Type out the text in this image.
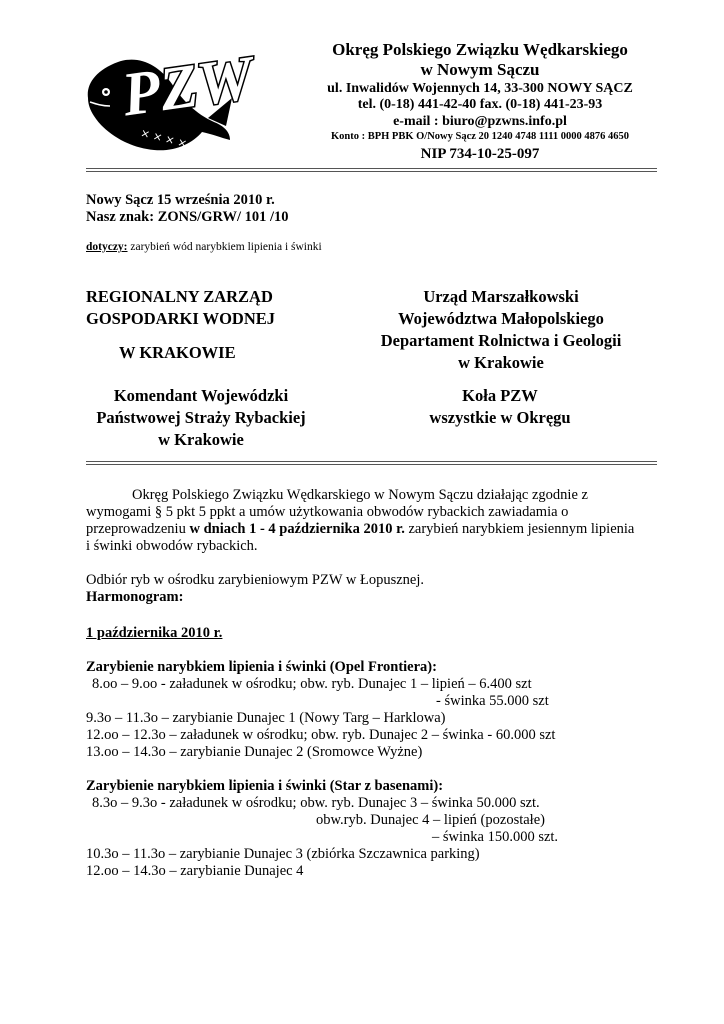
× × × × × ×
PZW	Okręg Polskiego Związku Wędkarskiego
w Nowym Sączu
ul. Inwalidów Wojennych 14, 33-300 NOWY SĄCZ
tel. (0-18) 441-42-40 fax. (0-18) 441-23-93
e-mail : biuro@pzwns.info.pl
Konto : BPH PBK O/Nowy Sącz 20 1240 4748 1111 0000 4876 4650
NIP 734-10-25-097
Nowy Sącz 15 września 2010 r.
Nasz znak: ZONS/GRW/ 101 /10
dotyczy: zarybień wód narybkiem lipienia i świnki
REGIONALNY ZARZĄD
GOSPODARKI WODNEJ
W KRAKOWIE
Urząd Marszałkowski
Województwa Małopolskiego
Departament Rolnictwa i Geologii
w Krakowie
Komendant Wojewódzki
Państwowej Straży Rybackiej
w Krakowie
Koła PZW
wszystkie w Okręgu
Okręg Polskiego Związku Wędkarskiego w Nowym Sączu działając zgodnie z
wymogami § 5 pkt 5 ppkt a umów użytkowania obwodów rybackich zawiadamia o
przeprowadzeniu w dniach 1 - 4 października 2010 r. zarybień narybkiem jesiennym lipienia
i świnki obwodów rybackich.
Odbiór ryb w ośrodku zarybieniowym PZW w Łopusznej.
Harmonogram:
1 października 2010 r.
Zarybienie narybkiem lipienia i świnki (Opel Frontiera):
8.oo – 9.oo - załadunek w ośrodku; obw. ryb. Dunajec 1 – lipień – 6.400 szt
- świnka 55.000 szt
9.3o – 11.3o – zarybianie Dunajec 1 (Nowy Targ – Harklowa)
12.oo – 12.3o – załadunek w ośrodku; obw. ryb. Dunajec 2 – świnka - 60.000 szt
13.oo – 14.3o – zarybianie Dunajec 2 (Sromowce Wyżne)
Zarybienie narybkiem lipienia i świnki (Star z basenami):
8.3o – 9.3o - załadunek w ośrodku; obw. ryb. Dunajec 3 – świnka 50.000 szt.
obw.ryb. Dunajec 4 – lipień (pozostałe)
– świnka 150.000 szt.
10.3o – 11.3o – zarybianie Dunajec 3 (zbiórka Szczawnica parking)
12.oo – 14.3o – zarybianie Dunajec 4
